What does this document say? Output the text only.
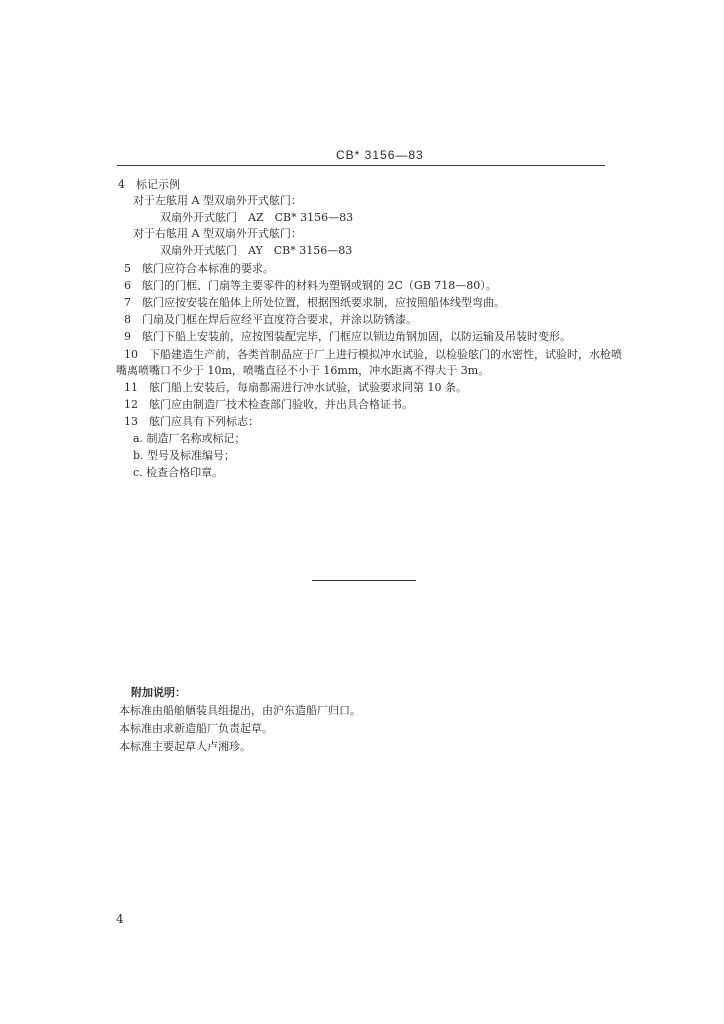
CB* 3156—83
4　标记示例
对于左舷用 A 型双扇外开式舷门：
双扇外开式舷门　AZ　CB* 3156—83
对于右舷用 A 型双扇外开式舷门：
双扇外开式舷门　AY　CB* 3156—83
5　舷门应符合本标准的要求。
6　舷门的门框、门扇等主要零件的材料为塑钢或钢的 2C（GB 718—80）。
7　舷门应按安装在船体上所处位置，根据图纸要求制，应按照船体线型弯曲。
8　门扇及门框在焊后应经平直度符合要求，并涂以防锈漆。
9　舷门下船上安装前，应按图装配完毕，门框应以锁边角钢加固，以防运输及吊装时变形。
10　下船建造生产前，各类首制品应于厂上进行模拟冲水试验，以检验舷门的水密性，试验时，水枪喷
嘴离喷嘴口不少于 10m，喷嘴直径不小于 16mm，冲水距离不得大于 3m。
11　舷门船上安装后，每扇都需进行冲水试验，试验要求同第 10 条。
12　舷门应由制造厂技术检查部门验收，并出具合格证书。
13　舷门应具有下列标志：
a. 制造厂名称或标记；
b. 型号及标准编号；
c. 检查合格印章。
附加说明：
本标准由船舶舾装具组提出，由沪东造船厂归口。
本标准由求新造船厂负责起草。
本标准主要起草人卢湘珍。
4
